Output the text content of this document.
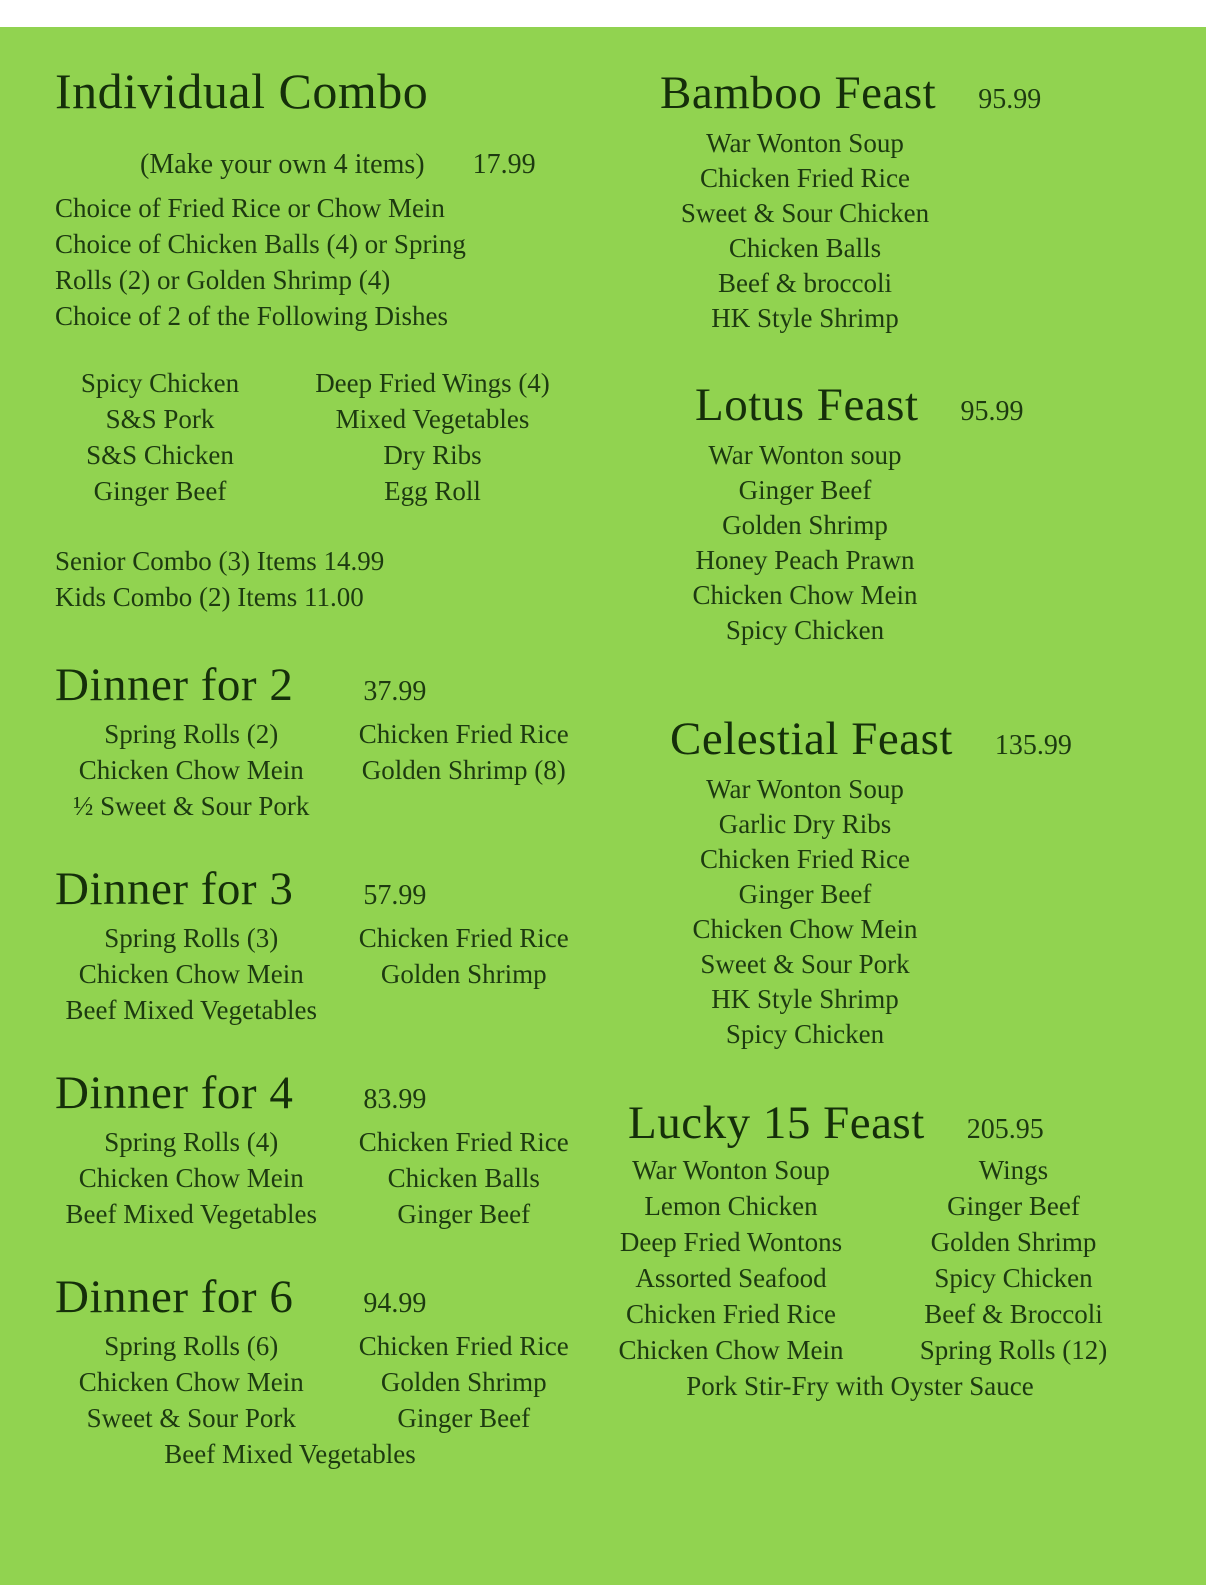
Individual Combo
(Make your own 4 items) 17.99
Choice of Fried Rice or Chow Mein
Choice of Chicken Balls (4) or Spring
Rolls (2) or Golden Shrimp (4)
Choice of 2 of the Following Dishes
Spicy Chicken
S&S Pork
S&S Chicken
Ginger Beef
Deep Fried Wings (4)
Mixed Vegetables
Dry Ribs
Egg Roll
Senior Combo (3) Items 14.99
Kids Combo (2) Items 11.00
Dinner for 2	37.99
Spring Rolls (2)
Chicken Chow Mein
½ Sweet & Sour Pork
Chicken Fried Rice
Golden Shrimp (8)
Dinner for 3	57.99
Spring Rolls (3)
Chicken Chow Mein
Beef Mixed Vegetables
Chicken Fried Rice
Golden Shrimp
Dinner for 4	83.99
Spring Rolls (4)
Chicken Chow Mein
Beef Mixed Vegetables
Chicken Fried Rice
Chicken Balls
Ginger Beef
Dinner for 6	94.99
Spring Rolls (6)
Chicken Chow Mein
Sweet & Sour Pork
Chicken Fried Rice
Golden Shrimp
Ginger Beef
Beef Mixed Vegetables
Bamboo Feast 95.99
War Wonton Soup
Chicken Fried Rice
Sweet & Sour Chicken
Chicken Balls
Beef & broccoli
HK Style Shrimp
Lotus Feast 95.99
War Wonton soup
Ginger Beef
Golden Shrimp
Honey Peach Prawn
Chicken Chow Mein
Spicy Chicken
Celestial Feast 135.99
War Wonton Soup
Garlic Dry Ribs
Chicken Fried Rice
Ginger Beef
Chicken Chow Mein
Sweet & Sour Pork
HK Style Shrimp
Spicy Chicken
Lucky 15 Feast 205.95
War Wonton Soup
Lemon Chicken
Deep Fried Wontons
Assorted Seafood
Chicken Fried Rice
Chicken Chow Mein
Wings
Ginger Beef
Golden Shrimp
Spicy Chicken
Beef & Broccoli
Spring Rolls (12)
Pork Stir-Fry with Oyster Sauce
